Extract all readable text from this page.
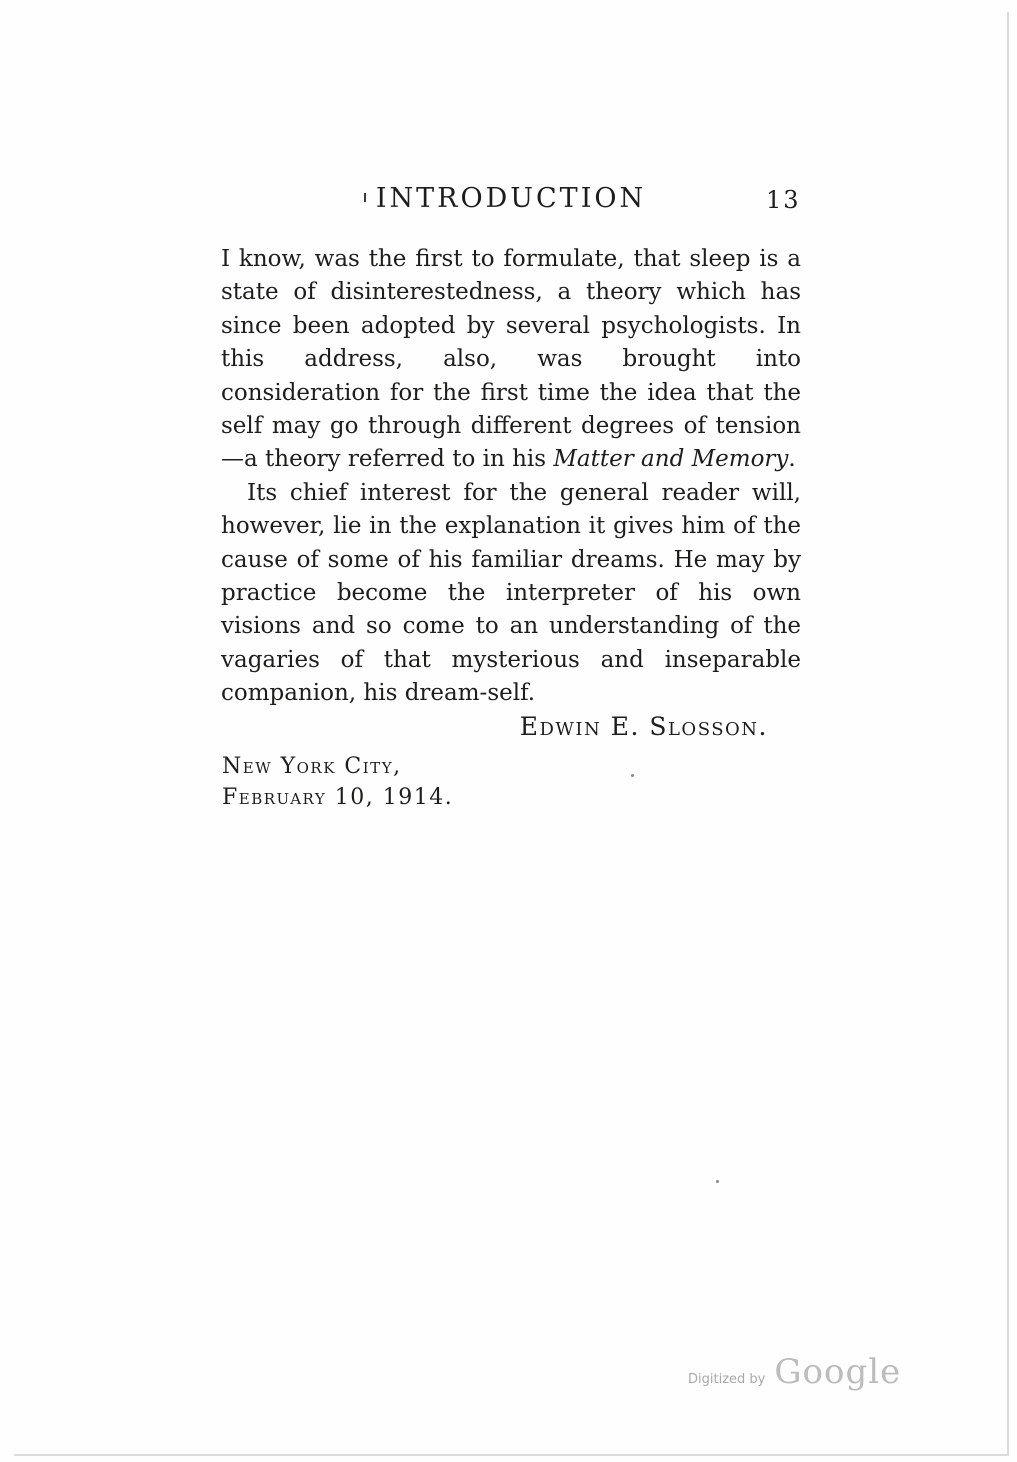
INTRODUCTION	13

I know, was the first to formulate, that sleep is a state of disinterestedness, a theory which has since been adopted by several psychologists. In this address, also, was brought into consideration for the first time the idea that the self may go through different degrees of tension—a theory referred to in his Matter and Memory.

Its chief interest for the general reader will, however, lie in the explanation it gives him of the cause of some of his familiar dreams. He may by practice become the interpreter of his own visions and so come to an understanding of the vagaries of that mysterious and inseparable companion, his dream-self.

Edwin E. Slosson.
New York City,
February 10, 1914.
Digitized by Google
